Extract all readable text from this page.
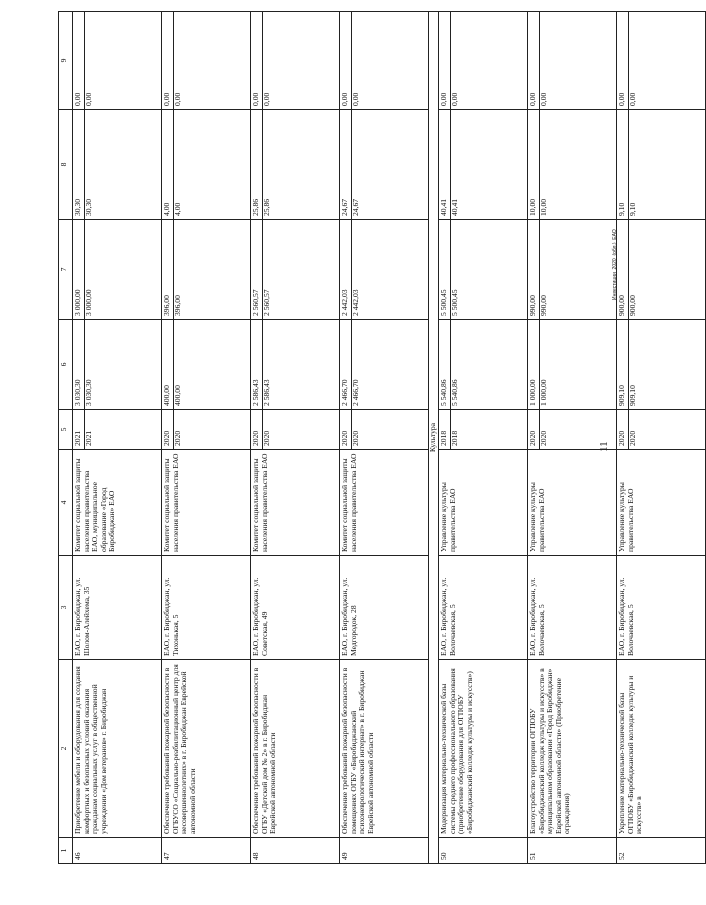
11
Инвестиции_2020_(обл.)_ЕАО
1	2	3	4	5	6	7	8	9
46	Приобретение мебели и оборудования для создания комфортных и безопасных условий оказания гражданам социальных услуг в общественной учреждении «Дом ветеранов» г. Биробиджан	ЕАО, г. Биробиджан, ул. Шолом-Алейхема, 35	Комитет социальной защиты населения правительства ЕАО, муниципальное образование «Город Биробиджан» ЕАО	2021 2021	3 030,30 3 030,30	3 000,00 3 000,00	30,30 30,30	0,00 0,00

47	Обеспечение требований пожарной безопасности в ОГБУСО «Социально-реабилитационный центр для несовершеннолетних» в г. Биробиджан Еврейской автономной области	ЕАО, г. Биробиджан, ул. Тихонькая, 5	Комитет социальной защиты населения правительства ЕАО	2020 2020	400,00 400,00	396,00 396,00	4,00 4,00	0,00 0,00

48	Обеспечение требований пожарной безопасности в ОГБУ «Детский дом № 2» в г. Биробиджан Еврейской автономной области	ЕАО, г. Биробиджан, ул. Советская, 49	Комитет социальной защиты населения правительства ЕАО	2020 2020	2 586,43 2 586,43	2 560,57 2 560,57	25,86 25,86	0,00 0,00

49	Обеспечение требований пожарной безопасности в помещениях ОГБУ «Биробиджанский психоневрологический интернат» в г. Биробиджан Еврейской автономной области	ЕАО, г. Биробиджан, ул. Медгородок, 28	Комитет социальной защиты населения правительства ЕАО	2020 2020	2 466,70 2 466,70	2 442,03 2 442,03	24,67 24,67	0,00 0,00

Культура								
50	Модернизация материально-технической базы системы среднего профессионального образования (приобретение оборудования для ОГПОБУ «Биробиджанский колледж культуры и искусств»)	ЕАО, г. Биробиджан, ул. Волочаевская, 5	Управление культуры правительства ЕАО	2018 2018	5 540,86 5 540,86	5 500,45 5 500,45	40,41 40,41	0,00 0,00

51	Благоустройство территории ОГПОБУ «Биробиджанский колледж культуры и искусств» в муниципальном образовании «Город Биробиджан» Еврейской автономной области» (Приобретение ограждения)	ЕАО, г. Биробиджан, ул. Волочаевская, 5	Управление культуры правительства ЕАО	2020 2020	1 000,00 1 000,00	990,00 990,00	10,00 10,00	0,00 0,00

52	Укрепление материально-технической базы ОГПОБУ «Биробиджанский колледж культуры и искусств» в	ЕАО, г. Биробиджан, ул. Волочаевская, 5	Управление культуры правительства ЕАО	2020 2020	909,10 909,10	900,00 900,00	9,10 9,10	0,00 0,00
